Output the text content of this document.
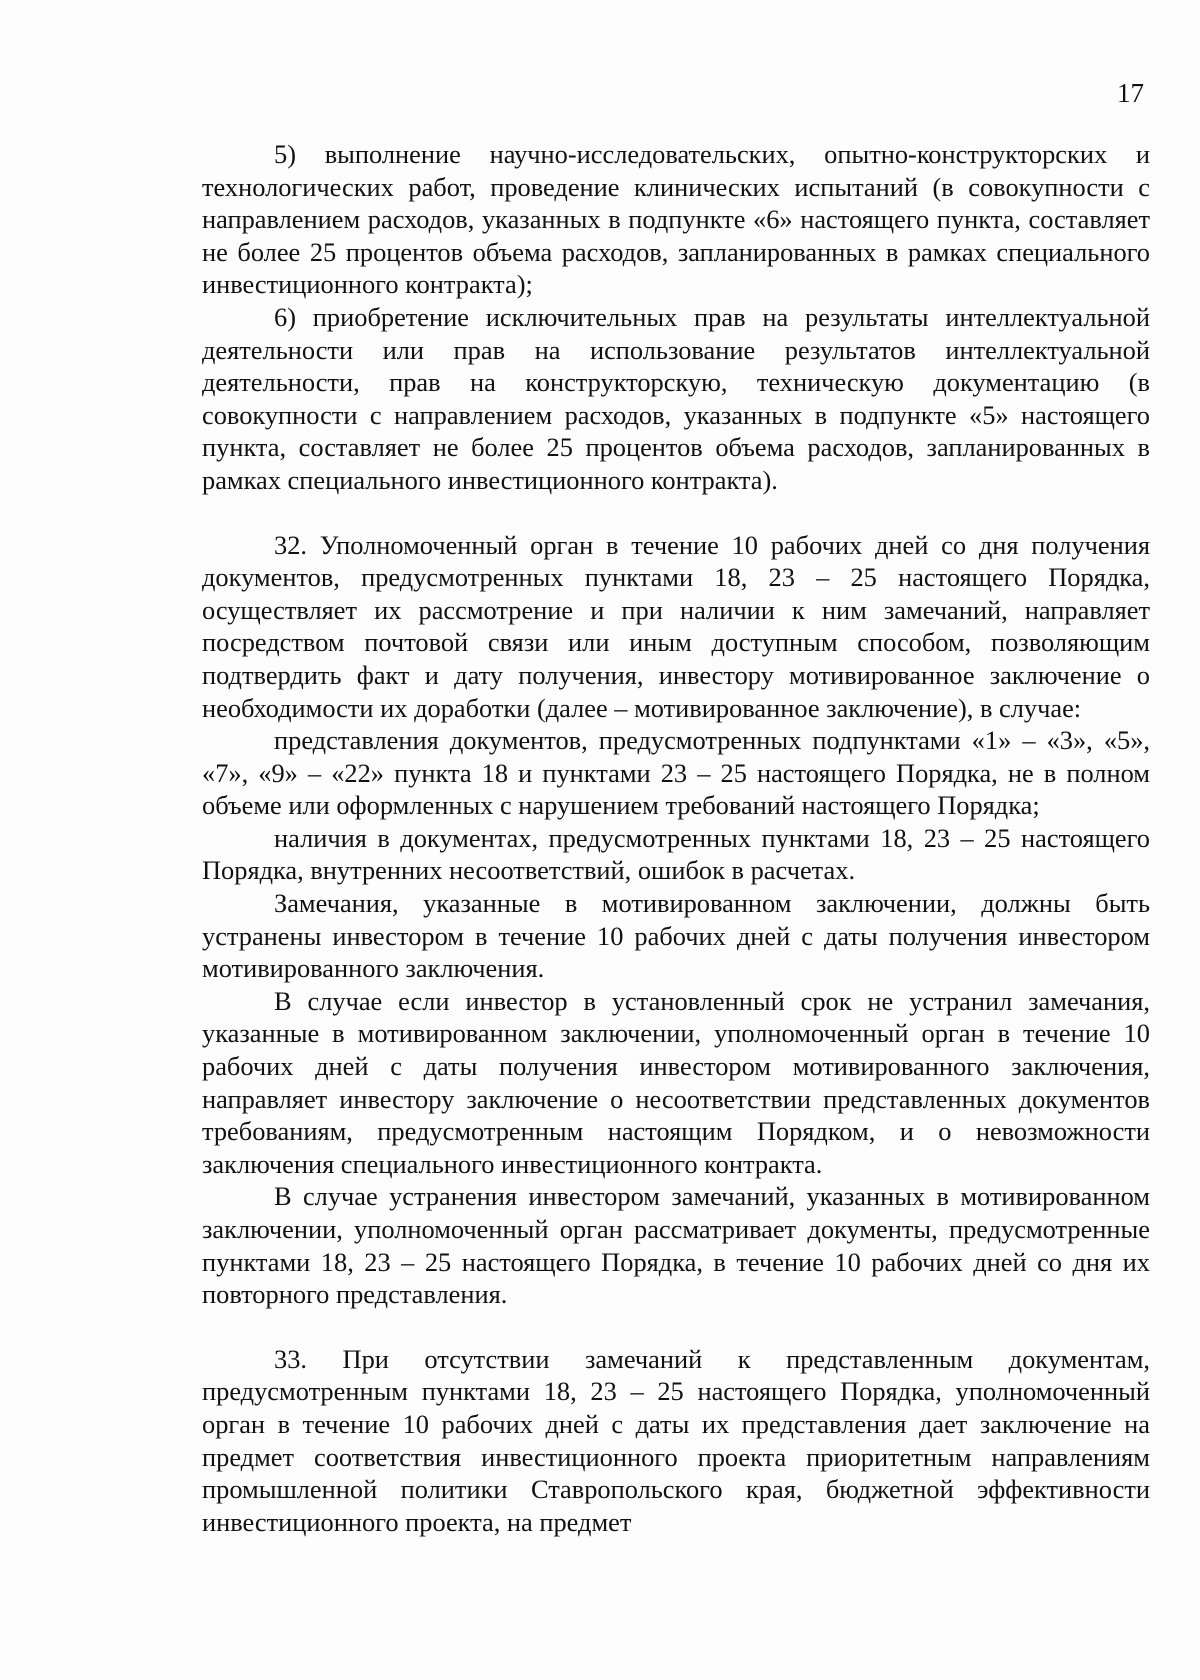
17

5) выполнение научно-исследовательских, опытно-конструкторских и технологических работ, проведение клинических испытаний (в совокупности с направлением расходов, указанных в подпункте «6» настоящего пункта, составляет не более 25 процентов объема расходов, запланированных в рамках специального инвестиционного контракта);

6) приобретение исключительных прав на результаты интеллектуальной деятельности или прав на использование результатов интеллектуальной деятельности, прав на конструкторскую, техническую документацию (в совокупности с направлением расходов, указанных в подпункте «5» настоящего пункта, составляет не более 25 процентов объема расходов, запланированных в рамках специального инвестиционного контракта).

32. Уполномоченный орган в течение 10 рабочих дней со дня получения документов, предусмотренных пунктами 18, 23 – 25 настоящего Порядка, осуществляет их рассмотрение и при наличии к ним замечаний, направляет посредством почтовой связи или иным доступным способом, позволяющим подтвердить факт и дату получения, инвестору мотивированное заключение о необходимости их доработки (далее – мотивированное заключение), в случае:

представления документов, предусмотренных подпунктами «1» – «3», «5», «7», «9» – «22» пункта 18 и пунктами 23 – 25 настоящего Порядка, не в полном объеме или оформленных с нарушением требований настоящего Порядка;

наличия в документах, предусмотренных пунктами 18, 23 – 25 настоящего Порядка, внутренних несоответствий, ошибок в расчетах.

Замечания, указанные в мотивированном заключении, должны быть устранены инвестором в течение 10 рабочих дней с даты получения инвестором мотивированного заключения.

В случае если инвестор в установленный срок не устранил замечания, указанные в мотивированном заключении, уполномоченный орган в течение 10 рабочих дней с даты получения инвестором мотивированного заключения, направляет инвестору заключение о несоответствии представленных документов требованиям, предусмотренным настоящим Порядком, и о невозможности заключения специального инвестиционного контракта.

В случае устранения инвестором замечаний, указанных в мотивированном заключении, уполномоченный орган рассматривает документы, предусмотренные пунктами 18, 23 – 25 настоящего Порядка, в течение 10 рабочих дней со дня их повторного представления.

33. При отсутствии замечаний к представленным документам, предусмотренным пунктами 18, 23 – 25 настоящего Порядка, уполномоченный орган в течение 10 рабочих дней с даты их представления дает заключение на предмет соответствия инвестиционного проекта приоритетным направлениям промышленной политики Ставропольского края, бюджетной эффективности инвестиционного проекта, на предмет
